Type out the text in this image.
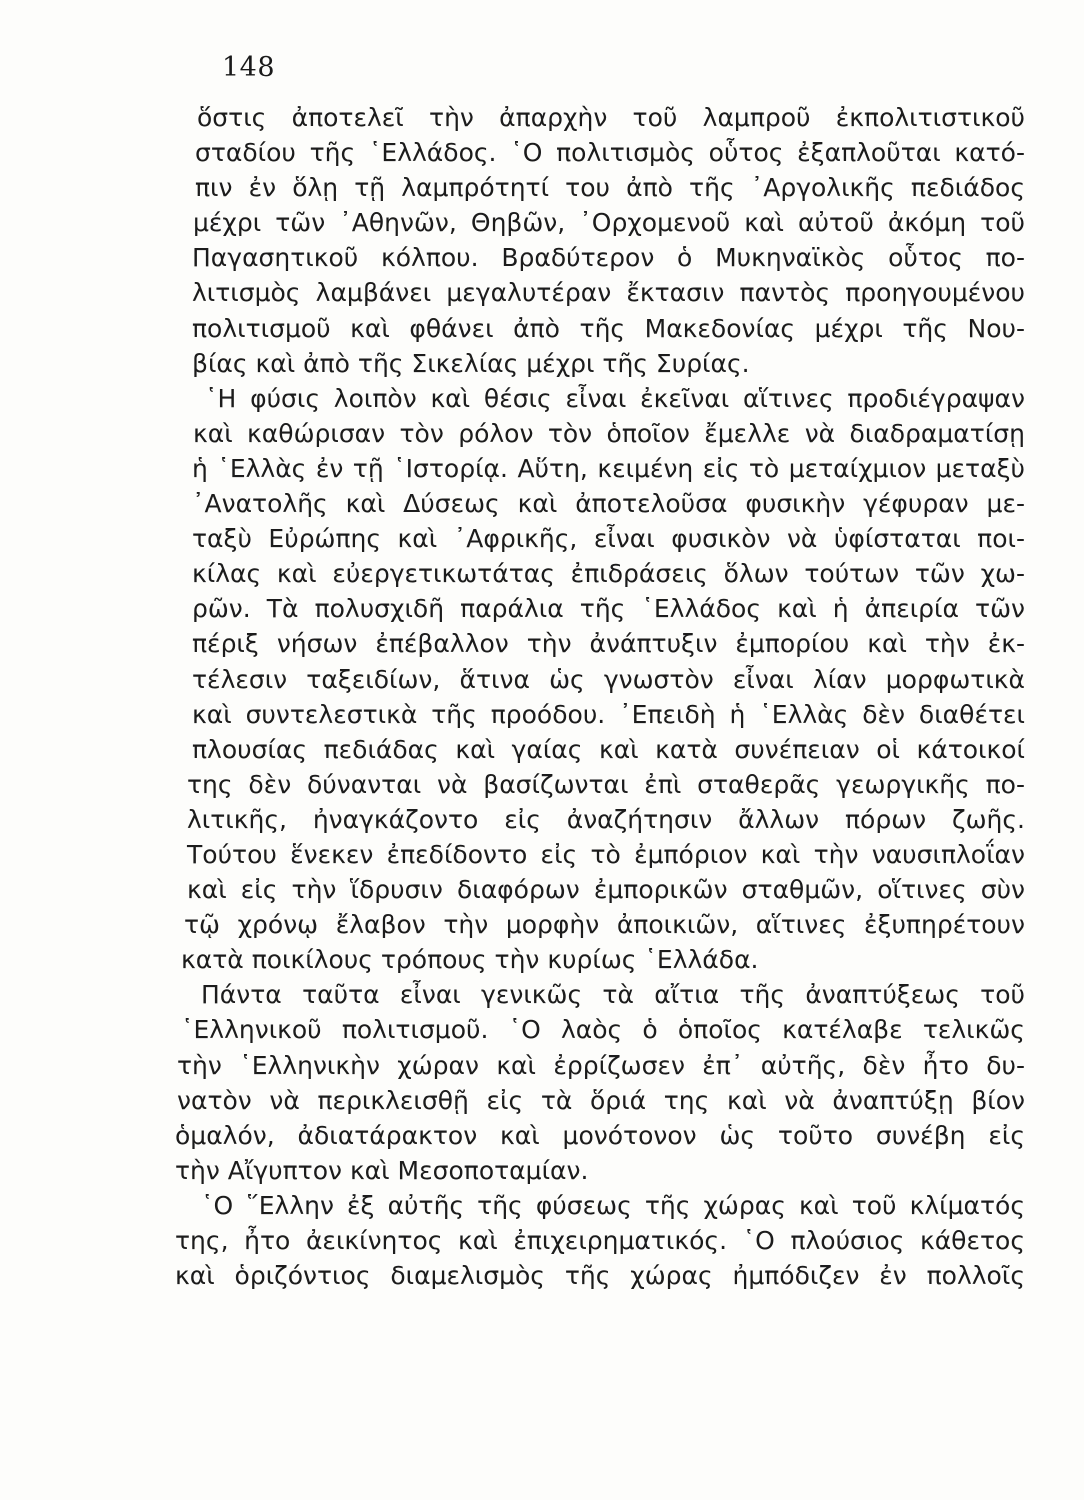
148
ὅστις ἀποτελεῖ τὴν ἀπαρχὴν τοῦ λαμπροῦ ἐκπολιτιστικοῦ
σταδίου τῆς ῾Ελλάδος. ῾Ο πολιτισμὸς οὗτος ἐξαπλοῦται κατό-
πιν ἐν ὅλῃ τῇ λαμπρότητί του ἀπὸ τῆς ᾿Αργολικῆς πεδιάδος
μέχρι τῶν ᾿Αθηνῶν, Θηβῶν, ᾿Ορχομενοῦ καὶ αὐτοῦ ἀκόμη τοῦ
Παγασητικοῦ κόλπου. Βραδύτερον ὁ Μυκηναϊκὸς οὗτος πο-
λιτισμὸς λαμβάνει μεγαλυτέραν ἔκτασιν παντὸς προηγουμένου
πολιτισμοῦ καὶ φθάνει ἀπὸ τῆς Μακεδονίας μέχρι τῆς Νου-
βίας καὶ ἀπὸ τῆς Σικελίας μέχρι τῆς Συρίας.
῾Η φύσις λοιπὸν καὶ θέσις εἶναι ἐκεῖναι αἵτινες προδιέγραψαν
καὶ καθώρισαν τὸν ρόλον τὸν ὁποῖον ἔμελλε νὰ διαδραματίσῃ
ἡ ῾Ελλὰς ἐν τῇ ῾Ιστορίᾳ. Αὕτη, κειμένη εἰς τὸ μεταίχμιον μεταξὺ
᾿Ανατολῆς καὶ Δύσεως καὶ ἀποτελοῦσα φυσικὴν γέφυραν με-
ταξὺ Εὐρώπης καὶ ᾿Αφρικῆς, εἶναι φυσικὸν νὰ ὑφίσταται ποι-
κίλας καὶ εὐεργετικωτάτας ἐπιδράσεις ὅλων τούτων τῶν χω-
ρῶν. Τὰ πολυσχιδῆ παράλια τῆς ῾Ελλάδος καὶ ἡ ἀπειρία τῶν
πέριξ νήσων ἐπέβαλλον τὴν ἀνάπτυξιν ἐμπορίου καὶ τὴν ἐκ-
τέλεσιν ταξειδίων, ἅτινα ὡς γνωστὸν εἶναι λίαν μορφωτικὰ
καὶ συντελεστικὰ τῆς προόδου. ᾿Επειδὴ ἡ ῾Ελλὰς δὲν διαθέτει
πλουσίας πεδιάδας καὶ γαίας καὶ κατὰ συνέπειαν οἱ κάτοικοί
της δὲν δύνανται νὰ βασίζωνται ἐπὶ σταθερᾶς γεωργικῆς πο-
λιτικῆς, ἠναγκάζοντο εἰς ἀναζήτησιν ἄλλων πόρων ζωῆς.
Τούτου ἕνεκεν ἐπεδίδοντο εἰς τὸ ἐμπόριον καὶ τὴν ναυσιπλοΐαν
καὶ εἰς τὴν ἵδρυσιν διαφόρων ἐμπορικῶν σταθμῶν, οἵτινες σὺν
τῷ χρόνῳ ἔλαβον τὴν μορφὴν ἀποικιῶν, αἵτινες ἐξυπηρέτουν
κατὰ ποικίλους τρόπους τὴν κυρίως ῾Ελλάδα.
Πάντα ταῦτα εἶναι γενικῶς τὰ αἴτια τῆς ἀναπτύξεως τοῦ
῾Ελληνικοῦ πολιτισμοῦ. ῾Ο λαὸς ὁ ὁποῖος κατέλαβε τελικῶς
τὴν ῾Ελληνικὴν χώραν καὶ ἐρρίζωσεν ἐπ᾿ αὐτῆς, δὲν ἦτο δυ-
νατὸν νὰ περικλεισθῇ εἰς τὰ ὅριά της καὶ νὰ ἀναπτύξῃ βίον
ὁμαλόν, ἀδιατάρακτον καὶ μονότονον ὡς τοῦτο συνέβη εἰς
τὴν Αἴγυπτον καὶ Μεσοποταμίαν.
῾Ο ῞Ελλην ἐξ αὐτῆς τῆς φύσεως τῆς χώρας καὶ τοῦ κλίματός
της, ἦτο ἀεικίνητος καὶ ἐπιχειρηματικός. ῾Ο πλούσιος κάθετος
καὶ ὁριζόντιος διαμελισμὸς τῆς χώρας ἠμπόδιζεν ἐν πολλοῖς
